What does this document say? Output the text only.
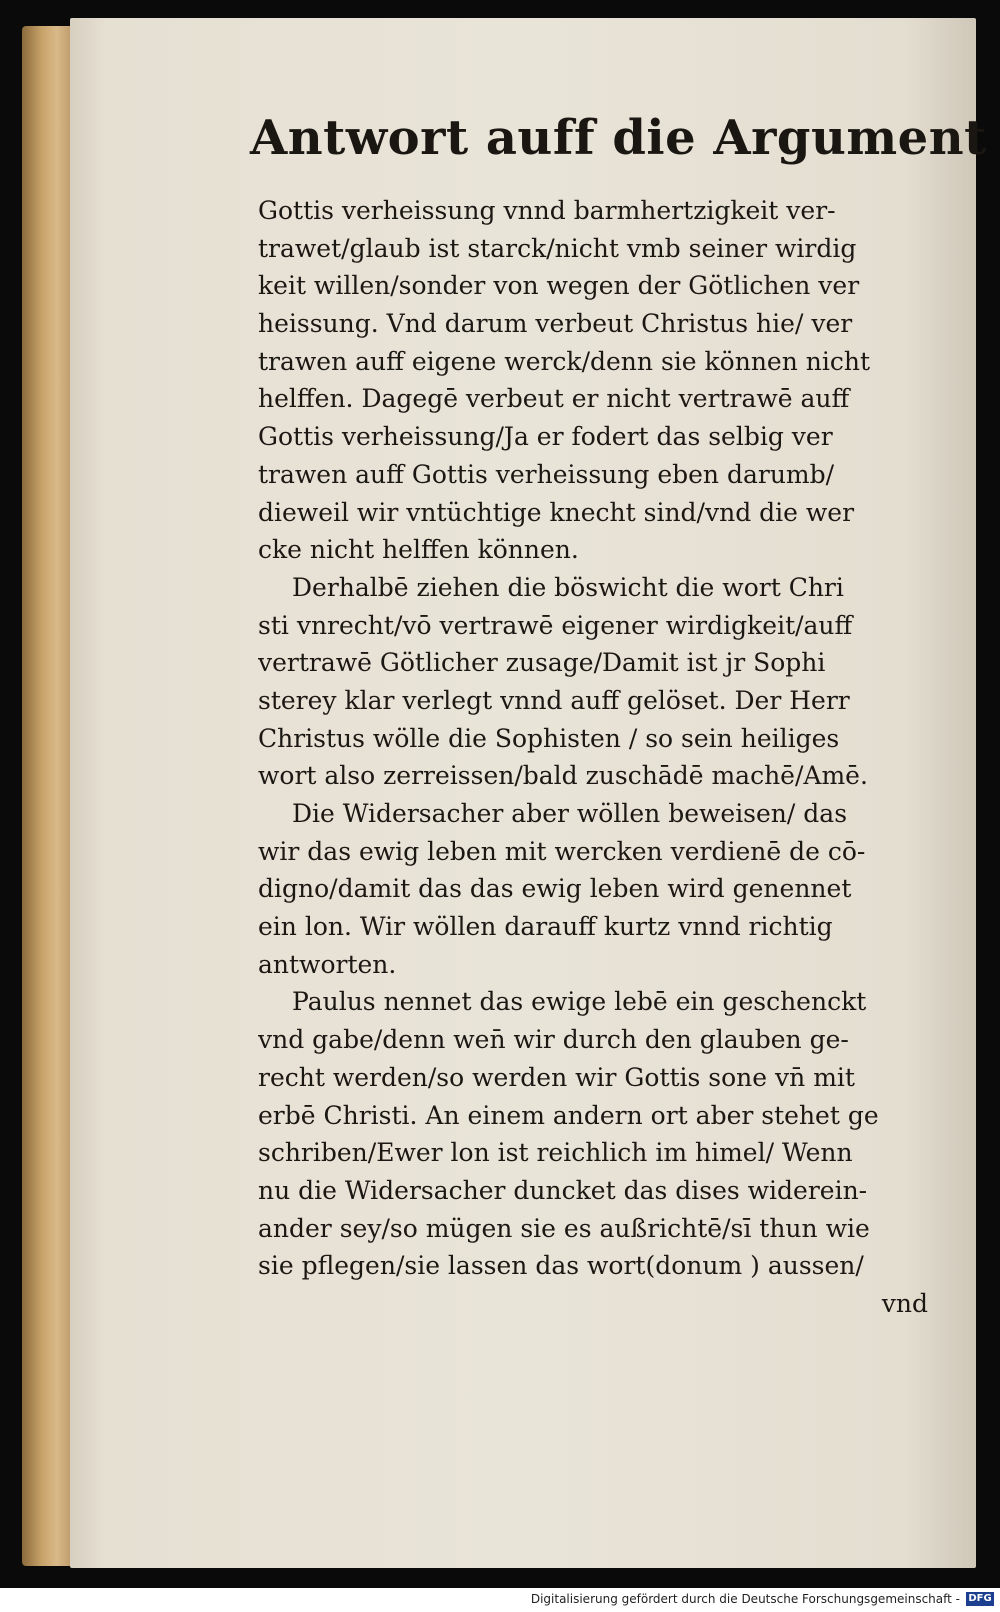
Antwort auff die Argument
Gottis verheissung vnnd barmhertzigkeit ver-
trawet/glaub ist starck/nicht vmb seiner wirdig
keit willen/sonder von wegen der Götlichen ver
heissung. Vnd darum verbeut Christus hie/ ver
trawen auff eigene werck/denn sie können nicht
helffen. Dagegē verbeut er nicht vertrawē auff
Gottis verheissung/Ja er fodert das selbig ver
trawen auff Gottis verheissung eben darumb/
dieweil wir vntüchtige knecht sind/vnd die wer
cke nicht helffen können.
Derhalbē ziehen die böswicht die wort Chri
sti vnrecht/vō vertrawē eigener wirdigkeit/auff
vertrawē Götlicher zusage/Damit ist jr Sophi
sterey klar verlegt vnnd auff gelöset. Der Herr
Christus wölle die Sophisten / so sein heiliges
wort also zerreissen/bald zuschādē machē/Amē.
Die Widersacher aber wöllen beweisen/ das
wir das ewig leben mit wercken verdienē de cō-
digno/damit das das ewig leben wird genennet
ein lon. Wir wöllen darauff kurtz vnnd richtig
antworten.
Paulus nennet das ewige lebē ein geschenckt
vnd gabe/denn wen̄ wir durch den glauben ge-
recht werden/so werden wir Gottis sone vn̄ mit
erbē Christi. An einem andern ort aber stehet ge
schriben/Ewer lon ist reichlich im himel/ Wenn
nu die Widersacher duncket das dises widerein-
ander sey/so mügen sie es außrichtē/sī thun wie
sie pflegen/sie lassen das wort(donum ) aussen/
vnd
Digitalisierung gefördert durch die Deutsche Forschungsgemeinschaft - DFG
